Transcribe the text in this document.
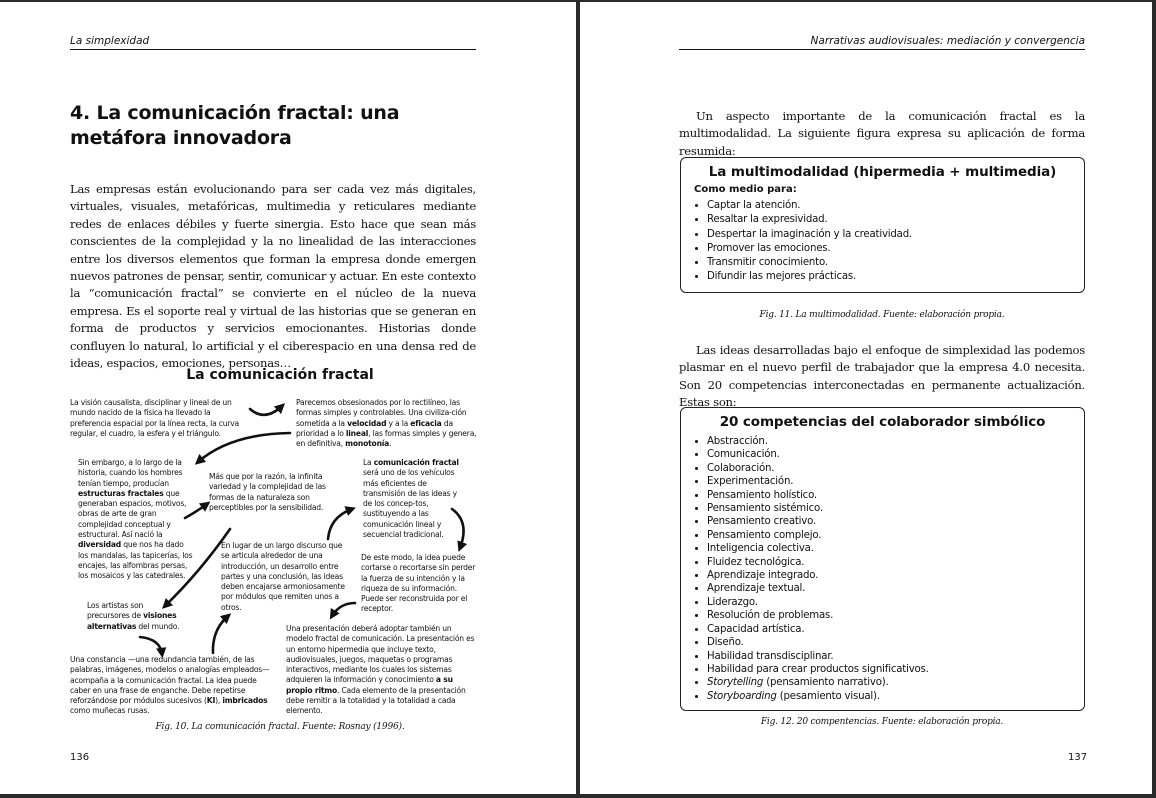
La simplexidad
4. La comunicación fractal: una metáfora innovadora

Las empresas están evolucionando para ser cada vez más digitales, virtuales, visuales, metafóricas, multimedia y reticulares mediante redes de enlaces débiles y fuerte sinergia. Esto hace que sean más conscientes de la complejidad y la no linealidad de las interacciones entre los diversos elementos que forman la empresa donde emergen nuevos patrones de pensar, sentir, comunicar y actuar. En este contexto la “comunicación fractal” se convierte en el núcleo de la nueva empresa. Es el soporte real y virtual de las historias que se generan en forma de productos y servicios emocionantes. Historias donde confluyen lo natural, lo artificial y el ciberespacio en una densa red de ideas, espacios, emociones, personas…

La comunicación fractal
La visión causalista, disciplinar y lineal de un mundo nacido de la física ha llevado la preferencia espacial por la línea recta, la curva regular, el cuadro, la esfera y el triángulo.
Parecemos obsesionados por lo rectilíneo, las formas simples y controlables. Una civiliza-ción sometida a la velocidad y a la eficacia da prioridad a lo lineal, las formas simples y genera, en definitiva, monotonía.
Sin embargo, a lo largo de la historia, cuando los hombres tenían tiempo, producían estructuras fractales que generaban espacios, motivos, obras de arte de gran complejidad conceptual y estructural. Así nació la diversidad que nos ha dado los mandalas, las tapicerías, los encajes, las alfombras persas, los mosaicos y las catedrales.
Más que por la razón, la infinita variedad y la complejidad de las formas de la naturaleza son perceptibles por la sensibilidad.
La comunicación fractal será uno de los vehículos más eficientes de transmisión de las ideas y de los concep-tos, sustituyendo a las comunicación lineal y secuencial tradicional.
En lugar de un largo discurso que se articula alrededor de una introducción, un desarrollo entre partes y una conclusión, las ideas deben encajarse armoniosamente por módulos que remiten unos a otros.
De este modo, la idea puede cortarse o recortarse sin perder la fuerza de su intención y la riqueza de su información. Puede ser reconstruida por el receptor.
Los artistas son precursores de visiones alternativas del mundo.	Una presentación deberá adoptar también un modelo fractal de comunicación. La presentación es un entorno hipermedia que incluye texto, audiovisuales, juegos, maquetas o programas interactivos, mediante los cuales los sistemas adquieren la información y conocimiento a su propio ritmo. Cada elemento de la presentación debe remitir a la totalidad y la totalidad a cada elemento.
Una constancia —una redundancia también, de las palabras, imágenes, modelos o analogías empleados— acompaña a la comunicación fractal. La idea puede caber en una frase de enganche. Debe repetirse reforzándose por módulos sucesivos (KI), imbricados como muñecas rusas.
Fig. 10. La comunicación fractal. Fuente: Rosnay (1996).
136
Narrativas audiovisuales: mediación y convergencia

Un aspecto importante de la comunicación fractal es la multimodalidad. La siguiente figura expresa su aplicación de forma resumida:

La multimodalidad (hipermedia + multimedia)
Como medio para:
• Captar la atención.
• Resaltar la expresividad.
• Despertar la imaginación y la creatividad.
• Promover las emociones.
• Transmitir conocimiento.
• Difundir las mejores prácticas.
Fig. 11. La multimodalidad. Fuente: elaboración propia.

Las ideas desarrolladas bajo el enfoque de simplexidad las podemos plasmar en el nuevo perfil de trabajador que la empresa 4.0 necesita. Son 20 competencias interconectadas en permanente actualización. Estas son:

20 competencias del colaborador simbólico
• Abstracción.
• Comunicación.
• Colaboración.
• Experimentación.
• Pensamiento holístico.
• Pensamiento sistémico.
• Pensamiento creativo.
• Pensamiento complejo.
• Inteligencia colectiva.
• Fluidez tecnológica.
• Aprendizaje integrado.
• Aprendizaje textual.
• Liderazgo.
• Resolución de problemas.
• Capacidad artística.
• Diseño.
• Habilidad transdisciplinar.
• Habilidad para crear productos significativos.
• Storytelling (pensamiento narrativo).
• Storyboarding (pesamiento visual).
Fig. 12. 20 compentencias. Fuente: elaboración propia.
137
